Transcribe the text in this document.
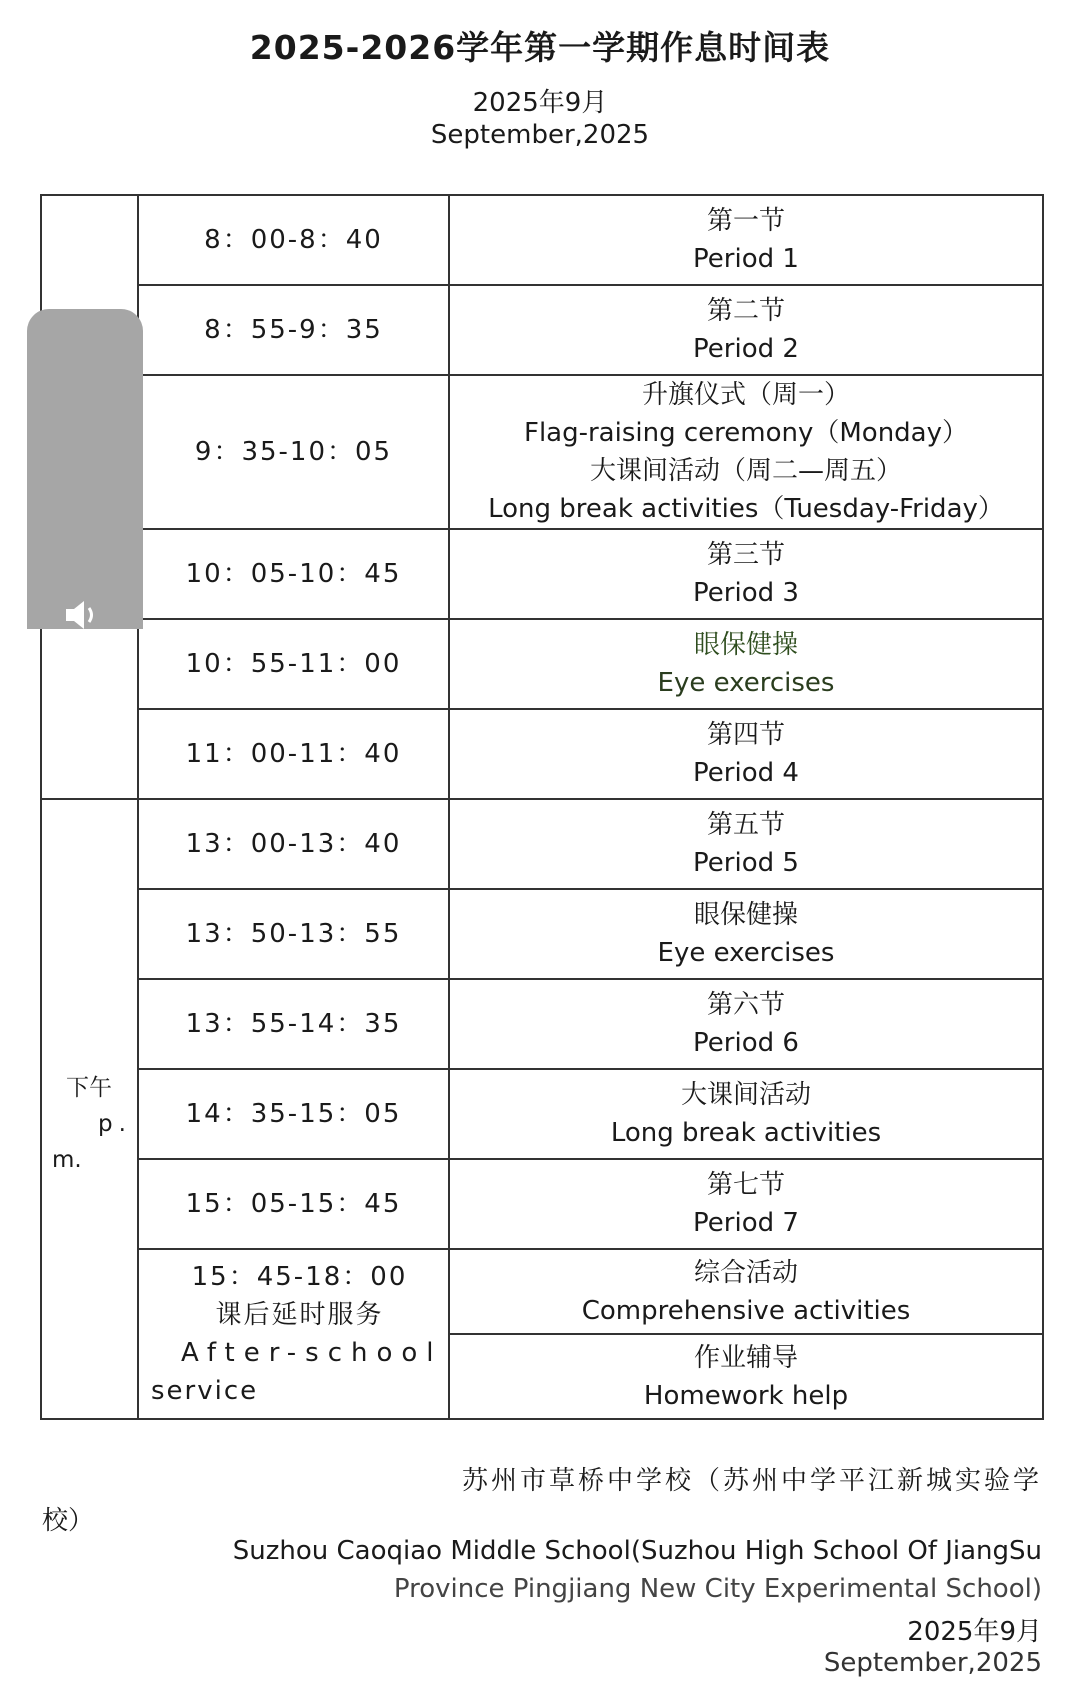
2025-2026学年第一学期作息时间表
2025年9月
September,2025
	8：00-8：40	第一节
Period 1

	8：55-9：35	第二节
Period 2

	9：35-10：05	升旗仪式（周一）
Flag-raising ceremony（Monday）
大课间活动（周二—周五）
Long break activities（Tuesday-Friday）

	10：05-10：45	第三节
Period 3

	10：55-11：00	眼保健操
Eye exercises

	11：00-11：40	第四节
Period 4

下午
p.
m.	13：00-13：40	第五节
Period 5

	13：50-13：55	眼保健操
Eye exercises

	13：55-14：35	第六节
Period 6

	14：35-15：05	大课间活动
Long break activities

	15：05-15：45	第七节
Period 7

	15：45-18：00
课后延时服务
After-school
service	综合活动
Comprehensive activities

		作业辅导
Homework help
苏州市草桥中学校（苏州中学平江新城实验学
校）
Suzhou Caoqiao Middle School(Suzhou High School Of JiangSu
Province Pingjiang New City Experimental School)
2025年9月
September,2025
